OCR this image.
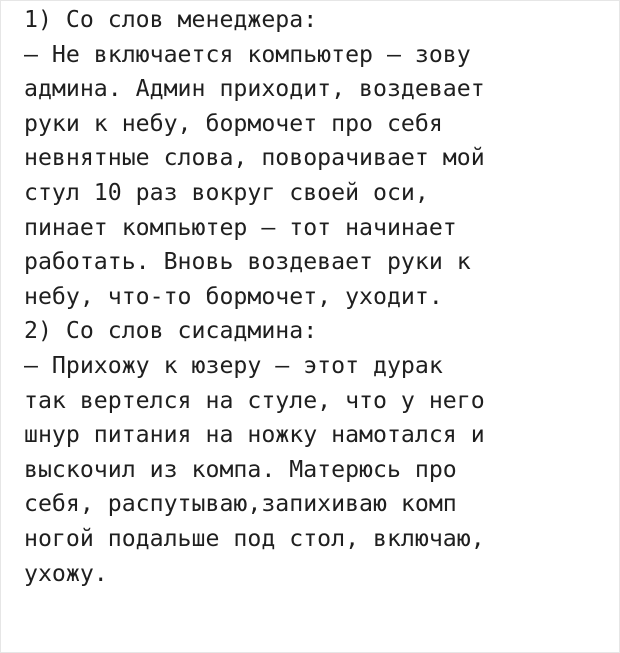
1) Со слов менеджера:
— Не включается компьютер — зову
админа. Админ приходит, воздевает
руки к небу, бормочет про себя
невнятные слова, поворачивает мой
стул 10 раз вокруг своей оси,
пинает компьютер — тот начинает
работать. Вновь воздевает руки к
небу, что-то бормочет, уходит.
2) Со слов сисадмина:
— Прихожу к юзеру — этот дурак
так вертелся на стуле, что у него
шнур питания на ножку намотался и
выскочил из компа. Матерюсь про
себя, распутываю,запихиваю комп
ногой подальше под стол, включаю,
ухожу.
